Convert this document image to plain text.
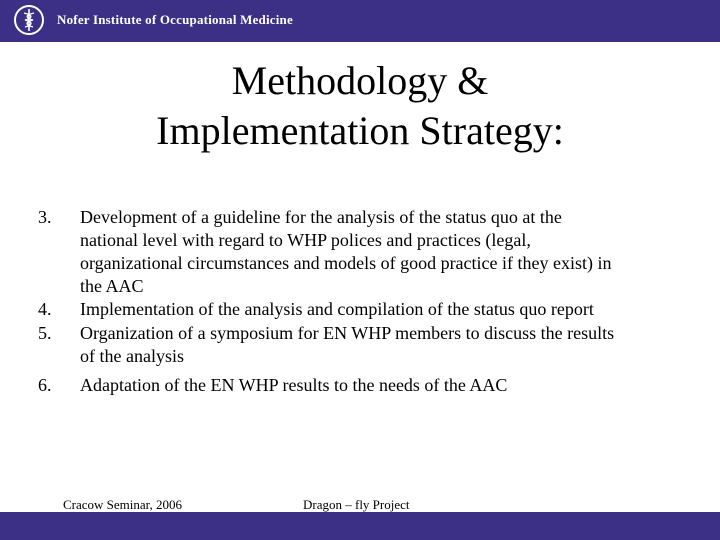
Nofer Institute of Occupational Medicine
Methodology &
Implementation Strategy:
3. Development of a guideline for the analysis of the status quo at the
national level with regard to WHP polices and practices (legal,
organizational circumstances and models of good practice if they exist) in
the AAC
4. Implementation of the analysis and compilation of the status quo report
5. Organization of a symposium for EN WHP members to discuss the results
of the analysis
6. Adaptation of the EN WHP results to the needs of the AAC
Cracow Seminar, 2006	Dragon – fly Project
